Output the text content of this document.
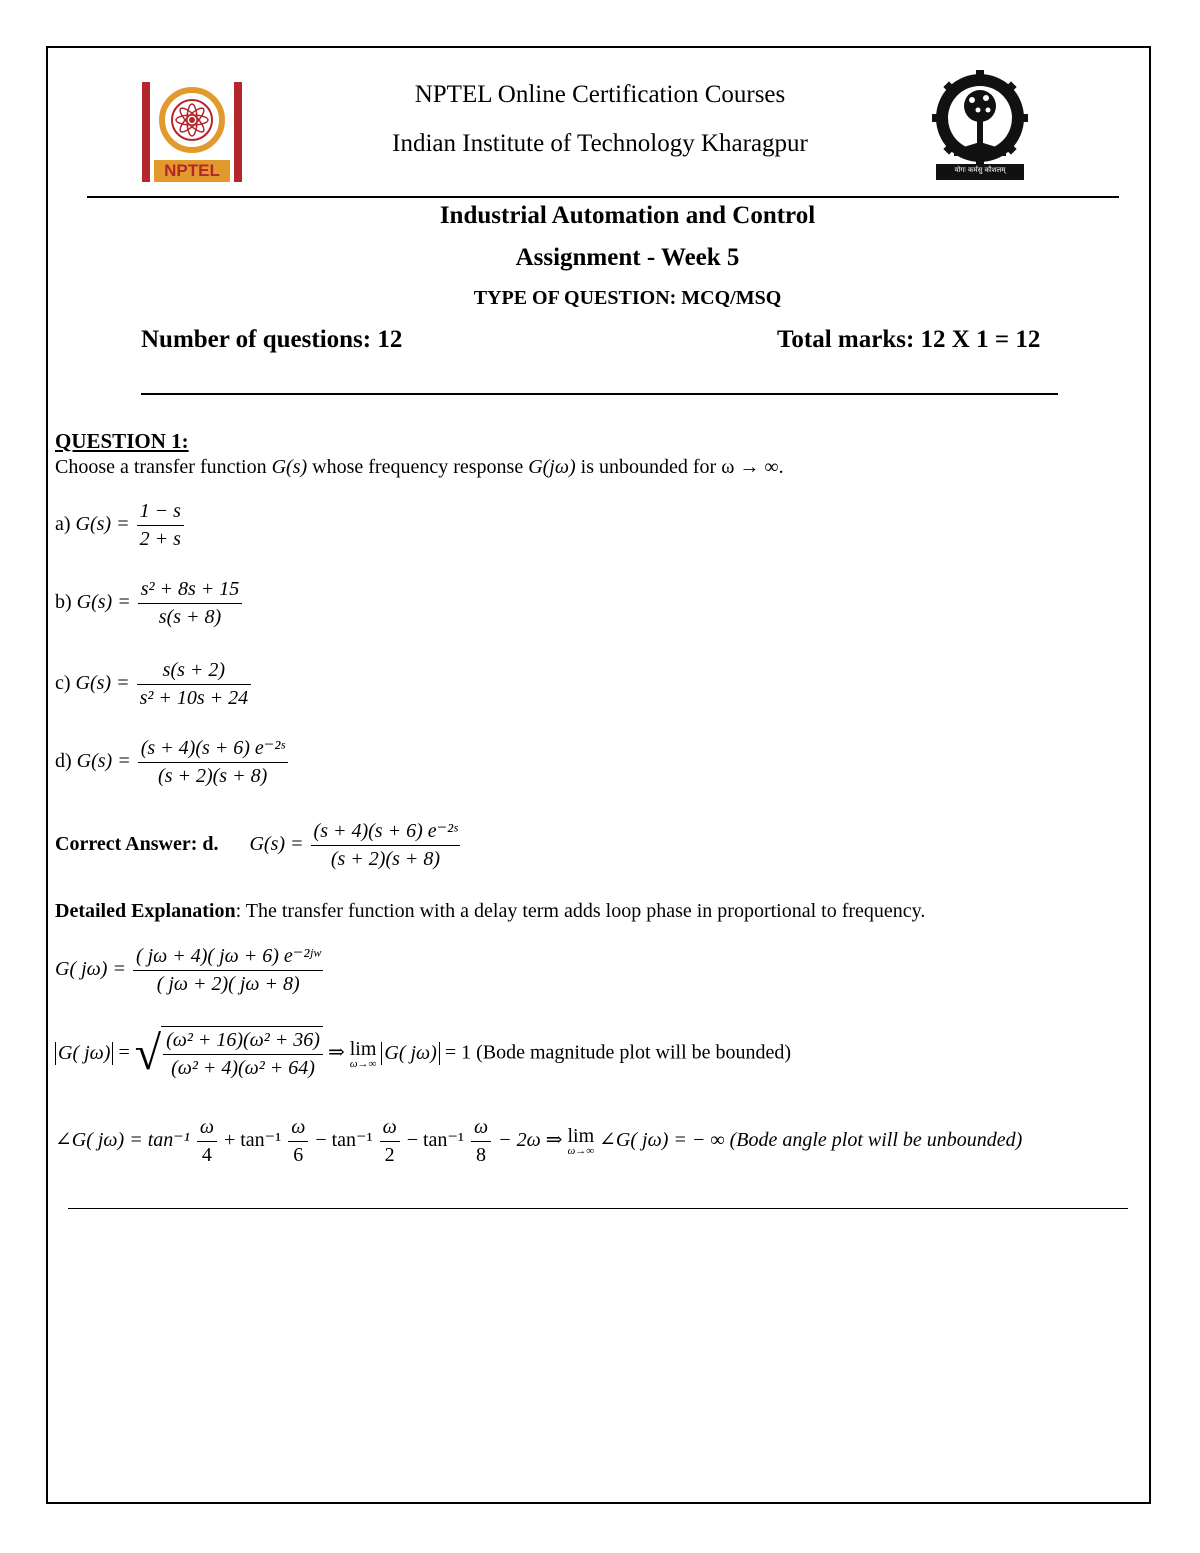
NPTEL
NPTEL Online Certification Courses
Indian Institute of Technology Kharagpur
योगः कर्मसु कौशलम्
Industrial Automation and Control
Assignment - Week 5
TYPE OF QUESTION: MCQ/MSQ
Number of questions: 12	Total marks: 12 X 1 = 12
QUESTION 1:
Choose a transfer function G(s) whose frequency response G(jω) is unbounded for ω → ∞.
a) $G(s) = \frac{1 - s}{2 + s}$
b) $G(s) = \frac{\text{s² + 8s + 15}}{s(s + 8)}$
c) $G(s) = \frac{s(s + 2)}{\text{s² + 10s + 24}}$
d) $G(s) = \frac{\text{(s + 4)(s + 6) e⁻²ˢ}}{(s + 2)(s + 8)}$
Correct Answer: d. $G(s) = \frac{\text{(s + 4)(s + 6) e⁻²ˢ}}{(s + 2)(s + 8)}$
Detailed Explanation: The transfer function with a delay term adds loop phase in proportional to frequency.
G( $j\omega) = \frac{\text{( jω + 4)( jω + 6) e⁻²ʲʷ}}{( j\omega + 2)( j\omega + 8)}$
G( jω) = √ $\frac{\text{(ω² + 16)(ω² + 36)}}{\text{(ω² + 4)(ω² + 64)}}$ ⇒ lim
ω→∞ G( jω) = 1 (Bode magnitude plot will be bounded)
∠G( $j\omega) = \tan^{-1} \frac{\omega}{4} + \tan^{-1} \frac{\omega}{6} - \tan^{-1} \frac{\omega}{2} - \tan^{-1} \frac{\omega}{8} - 2\omega$ ⇒ lim
ω→∞ ∠G( jω) = − ∞ (Bode angle plot will be unbounded)
